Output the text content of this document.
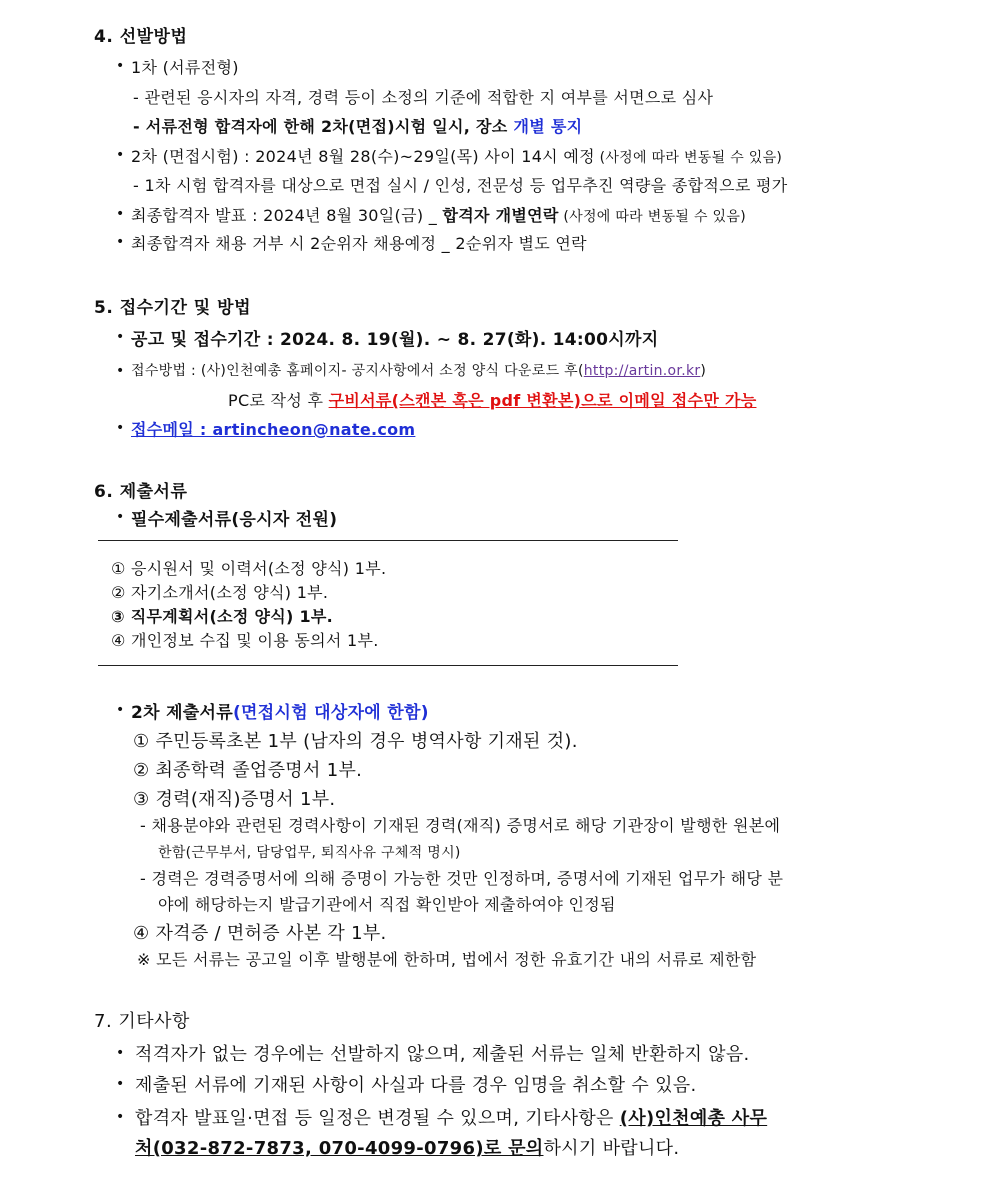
4. 선발방법
• 1차 (서류전형)
- 관련된 응시자의 자격, 경력 등이 소정의 기준에 적합한 지 여부를 서면으로 심사
- 서류전형 합격자에 한해 2차(면접)시험 일시, 장소 개별 통지
• 2차 (면접시험) : 2024년 8월 28(수)~29일(목) 사이 14시 예정 (사정에 따라 변동될 수 있음)
- 1차 시험 합격자를 대상으로 면접 실시 / 인성, 전문성 등 업무추진 역량을 종합적으로 평가
• 최종합격자 발표 : 2024년 8월 30일(금) _ 합격자 개별연락 (사정에 따라 변동될 수 있음)
• 최종합격자 채용 거부 시 2순위자 채용예정 _ 2순위자 별도 연락
5. 접수기간 및 방법
• 공고 및 접수기간 : 2024. 8. 19(월). ~ 8. 27(화). 14:00시까지
• 접수방법 : (사)인천예총 홈페이지- 공지사항에서 소정 양식 다운로드 후(http://artin.or.kr)
PC로 작성 후 구비서류(스캔본 혹은 pdf 변환본)으로 이메일 접수만 가능
• 접수메일 : artincheon@nate.com
6. 제출서류
• 필수제출서류(응시자 전원)
① 응시원서 및 이력서(소정 양식) 1부.
② 자기소개서(소정 양식) 1부.
③ 직무계획서(소정 양식) 1부.
④ 개인정보 수집 및 이용 동의서 1부.
• 2차 제출서류(면접시험 대상자에 한함)
① 주민등록초본 1부 (남자의 경우 병역사항 기재된 것).
② 최종학력 졸업증명서 1부.
③ 경력(재직)증명서 1부.
- 채용분야와 관련된 경력사항이 기재된 경력(재직) 증명서로 해당 기관장이 발행한 원본에
한함(근무부서, 담당업무, 퇴직사유 구체적 명시)
- 경력은 경력증명서에 의해 증명이 가능한 것만 인정하며, 증명서에 기재된 업무가 해당 분
야에 해당하는지 발급기관에서 직접 확인받아 제출하여야 인정됨
④ 자격증 / 면허증 사본 각 1부.
※ 모든 서류는 공고일 이후 발행분에 한하며, 법에서 정한 유효기간 내의 서류로 제한함
7. 기타사항
• 적격자가 없는 경우에는 선발하지 않으며, 제출된 서류는 일체 반환하지 않음.
• 제출된 서류에 기재된 사항이 사실과 다를 경우 임명을 취소할 수 있음.
• 합격자 발표일·면접 등 일정은 변경될 수 있으며, 기타사항은 (사)인천예총 사무
처(032-872-7873, 070-4099-0796)로 문의하시기 바랍니다.
